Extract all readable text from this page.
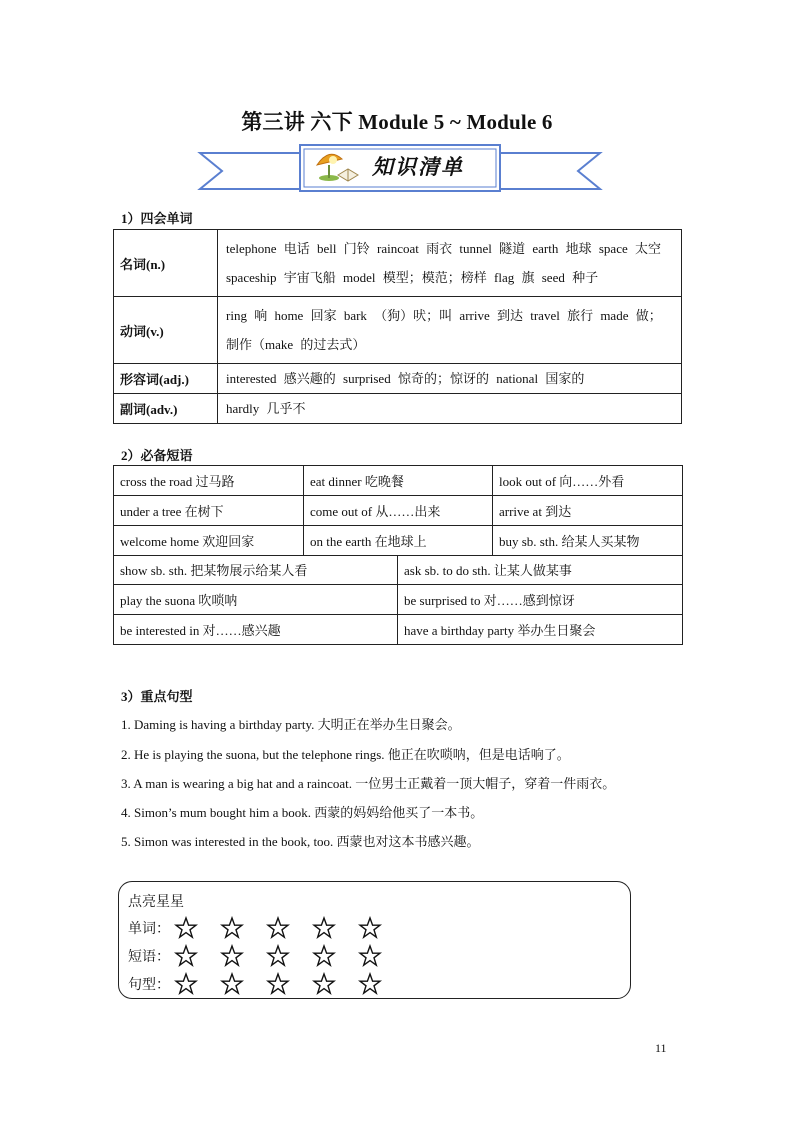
第三讲 六下 Module 5 ~ Module 6
知识清单
1）四会单词
名词(n.)	telephone 电话 bell 门铃 raincoat 雨衣 tunnel 隧道 earth 地球 space 太空 spaceship 宇宙飞船 model 模型；模范；榜样 flag 旗 seed 种子
动词(v.)	ring 响 home 回家 bark （狗）吠；叫 arrive 到达 travel 旅行 made 做；制作（make 的过去式）
形容词(adj.)	interested 感兴趣的 surprised 惊奇的；惊讶的 national 国家的
副词(adv.)	hardly 几乎不
2）必备短语
cross the road 过马路	eat dinner 吃晚餐	look out of 向……外看
under a tree 在树下	come out of 从……出来	arrive at 到达
welcome home 欢迎回家	on the earth 在地球上	buy sb. sth. 给某人买某物
show sb. sth. 把某物展示给某人看	ask sb. to do sth. 让某人做某事
play the suona 吹唢呐	be surprised to 对……感到惊讶
be interested in 对……感兴趣	have a birthday party 举办生日聚会
3）重点句型
1. Daming is having a birthday party. 大明正在举办生日聚会。
2. He is playing the suona, but the telephone rings. 他正在吹唢呐，但是电话响了。
3. A man is wearing a big hat and a raincoat. 一位男士正戴着一顶大帽子，穿着一件雨衣。
4. Simon’s mum bought him a book. 西蒙的妈妈给他买了一本书。
5. Simon was interested in the book, too. 西蒙也对这本书感兴趣。
点亮星星
单词：
短语：
句型：
11
